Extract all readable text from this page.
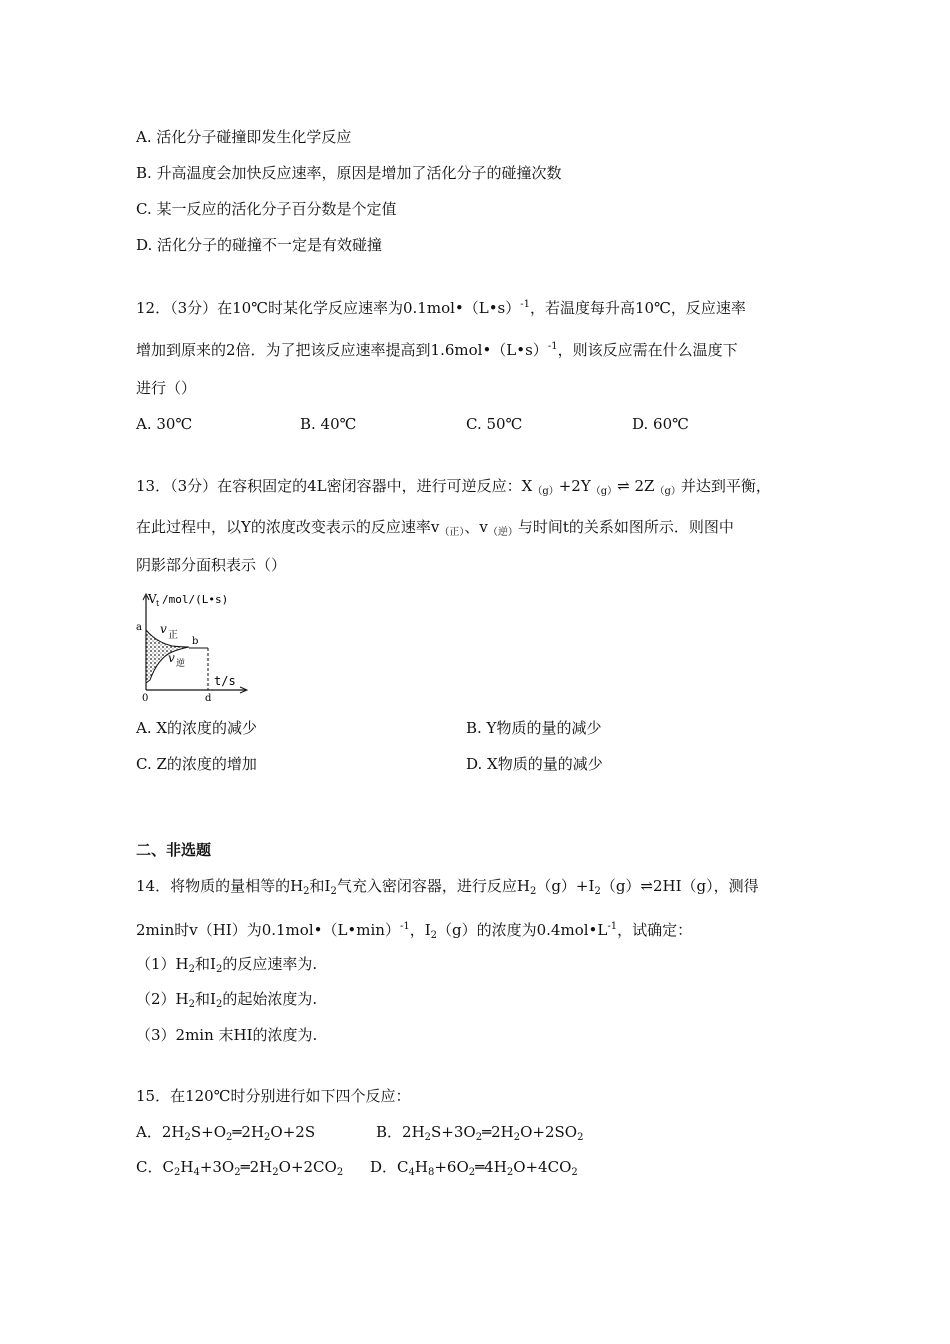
A. 活化分子碰撞即发生化学反应
B. 升高温度会加快反应速率，原因是增加了活化分子的碰撞次数
C. 某一反应的活化分子百分数是个定值
D. 活化分子的碰撞不一定是有效碰撞
12．（3分）在10℃时某化学反应速率为0.1mol•（L•s）$^{-1}$，若温度每升高10℃，反应速率
增加到原来的2倍．为了把该反应速率提高到1.6mol•（L•s）$^{-1}$，则该反应需在什么温度下
进行（）
A. 30℃	B. 40℃	C. 50℃	D. 60℃
13．（3分）在容积固定的4L密闭容器中，进行可逆反应：$X_{(g)}+2Y_{(g)}\rightleftharpoons$ $2Z_{(g)}$并达到平衡，
在此过程中，以Y的浓度改变表示的反应速率$v_{(正)}$、$v_{(逆)}$与时间t的关系如图所示．则图中
阴影部分面积表示（）
V t /mol/(L•s)
a
b
0	d
t/s
v 正
v 逆
A. X的浓度的减少	B. Y物质的量的减少
C. Z的浓度的增加	D. X物质的量的减少
二、非选题
14．将物质的量相等的$H_2$和$I_2$气充入密闭容器，进行反应$H_2(g)+I_2(g)\rightleftharpoons 2HI(g)$，测得
2min时v（HI）为0.1mol•（L•min）$^{-1}$，$I_2(g)$的浓度为$0.4mol•L^{-1}$，试确定：
$(1)H_2$和$I_2$的反应速率为.
$(2)H_2$和$I_2$的起始浓度为.
（3）2min 末HI的浓度为.
15．在120℃时分别进行如下四个反应：
A．$2H_2S+O_2═2H_2O+2S$	B．$2H_2S+3O_2═2H_2O+2SO_2$
C．$C_2H_4+3O_2═2H_2O+2CO_2$ D．$C_4H_8+6O_2═4H_2O+4CO_2$
